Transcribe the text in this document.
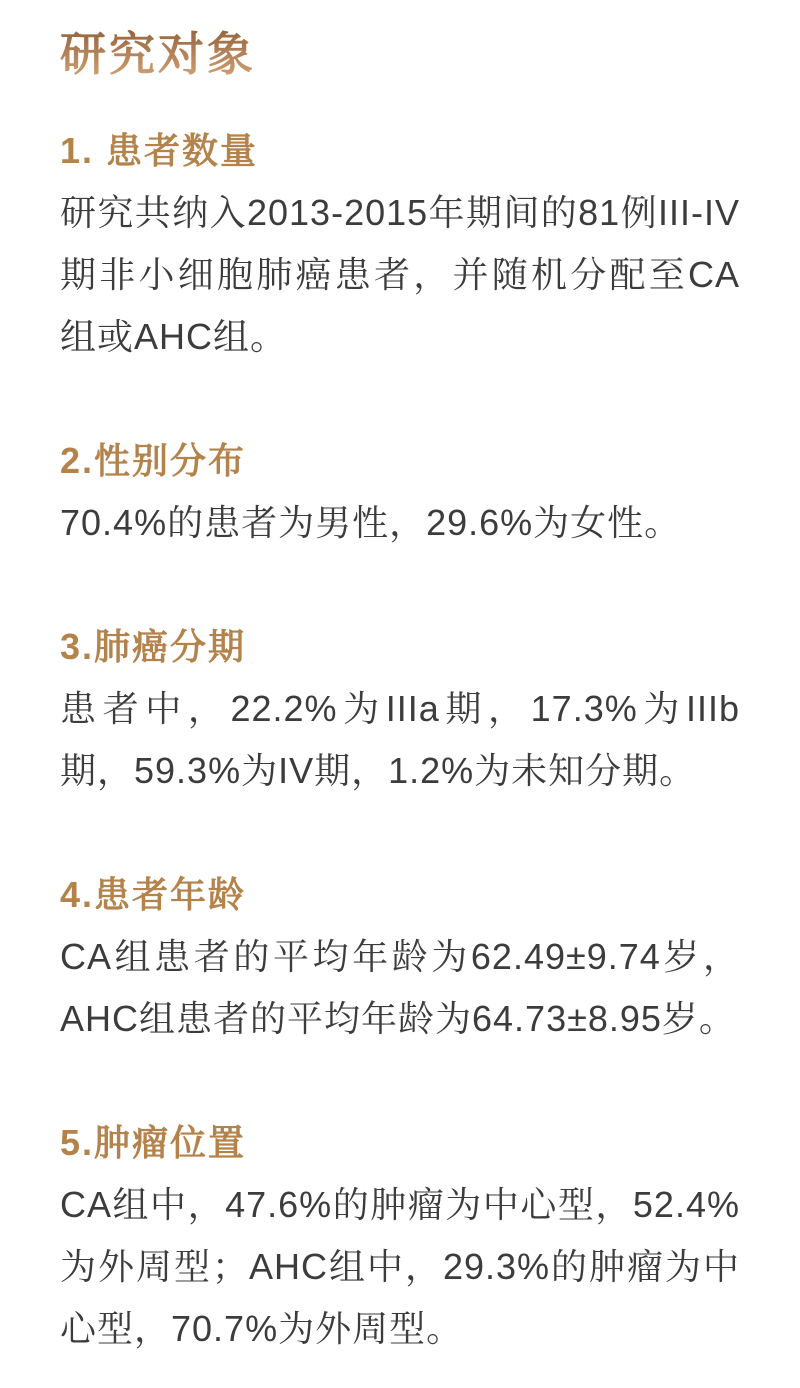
研究对象
1. 患者数量

研究共纳入2013-2015年期间的81例III-IV期非小细胞肺癌患者，并随机分配至CA组或AHC组。

2.性别分布

70.4%的患者为男性，29.6%为女性。

3.肺癌分期

患者中，22.2%为IIIa期，17.3%为IIIb期，59.3%为IV期，1.2%为未知分期。

4.患者年龄

CA组患者的平均年龄为62.49±9.74岁，AHC组患者的平均年龄为64.73±8.95岁。

5.肿瘤位置

CA组中，47.6%的肿瘤为中心型，52.4%为外周型；AHC组中，29.3%的肿瘤为中心型，70.7%为外周型。
